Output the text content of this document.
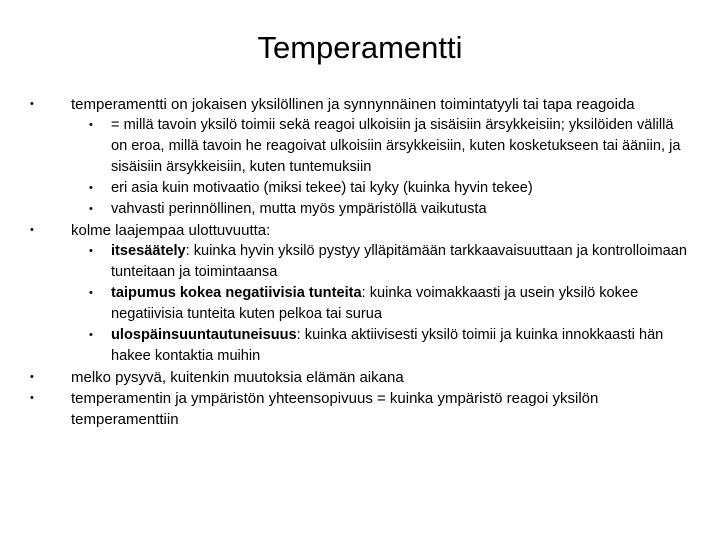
Temperamentti
• temperamentti on jokaisen yksilöllinen ja synnynnäinen toimintatyyli tai tapa reagoida
• = millä tavoin yksilö toimii sekä reagoi ulkoisiin ja sisäisiin ärsykkeisiin; yksilöiden välillä on eroa, millä tavoin he reagoivat ulkoisiin ärsykkeisiin, kuten kosketukseen tai ääniin, ja sisäisiin ärsykkeisiin, kuten tuntemuksiin
• eri asia kuin motivaatio (miksi tekee) tai kyky (kuinka hyvin tekee)
• vahvasti perinnöllinen, mutta myös ympäristöllä vaikutusta
• kolme laajempaa ulottuvuutta:
• itsesäätely: kuinka hyvin yksilö pystyy ylläpitämään tarkkaavaisuuttaan ja kontrolloimaan tunteitaan ja toimintaansa
• taipumus kokea negatiivisia tunteita: kuinka voimakkaasti ja usein yksilö kokee negatiivisia tunteita kuten pelkoa tai surua
• ulospäinsuuntautuneisuus: kuinka aktiivisesti yksilö toimii ja kuinka innokkaasti hän hakee kontaktia muihin
• melko pysyvä, kuitenkin muutoksia elämän aikana
• temperamentin ja ympäristön yhteensopivuus = kuinka ympäristö reagoi yksilön temperamenttiin
